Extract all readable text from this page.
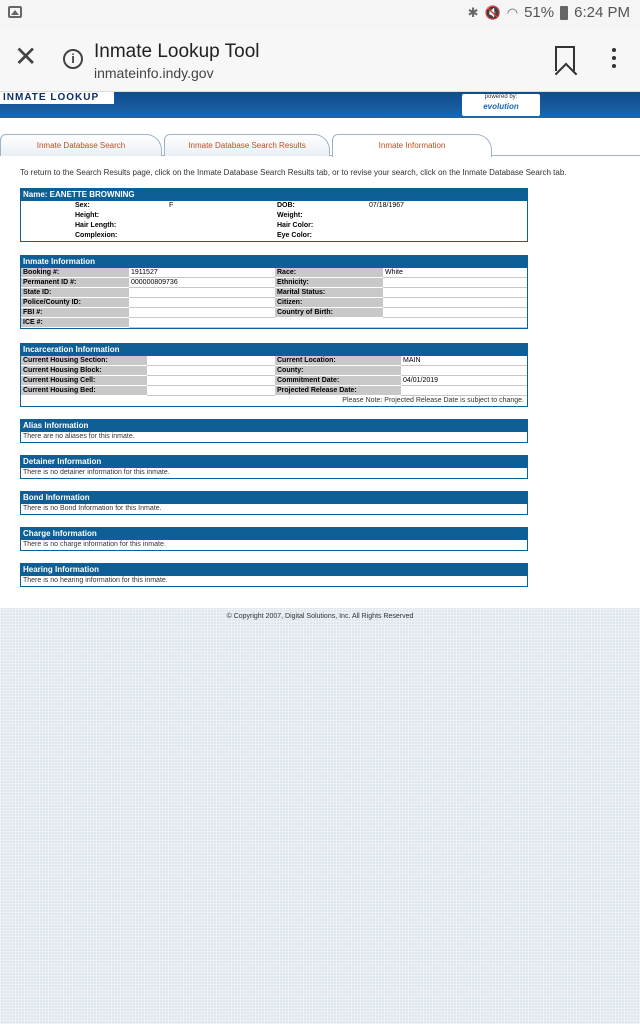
✱ 🔇 ◠ 51% 6:24 PM
✕	i	Inmate Lookup Tool
inmateinfo.indy.gov
INMATE LOOKUP	powered by:
evolution
Inmate Database Search	Inmate Database Search Results	Inmate Information
To return to the Search Results page, click on the Inmate Database Search Results tab, or to revise your search, click on the Inmate Database Search tab.
Name: EANETTE BROWNING
Sex:	F	DOB:	07/18/1967
Height:	Weight:
Hair Length:	Hair Color:
Complexion:	Eye Color:
Inmate Information
Booking #:	1911527	Race:	White
Permanent ID #:	000000809736	Ethnicity:
State ID:	Marital Status:
Police/County ID:	Citizen:
FBI #:	Country of Birth:
ICE #:
Incarceration Information
Current Housing Section:	Current Location:	MAIN
Current Housing Block:	County:
Current Housing Cell:	Commitment Date:	04/01/2019
Current Housing Bed:	Projected Release Date:
Please Note: Projected Release Date is subject to change.
Alias Information
There are no aliases for this inmate.
Detainer Information
There is no detainer information for this inmate.
Bond Information
There is no Bond Information for this Inmate.
Charge Information
There is no charge information for this inmate.
Hearing Information
There is no hearing information for this inmate.
© Copyright 2007, Digital Solutions, Inc. All Rights Reserved
